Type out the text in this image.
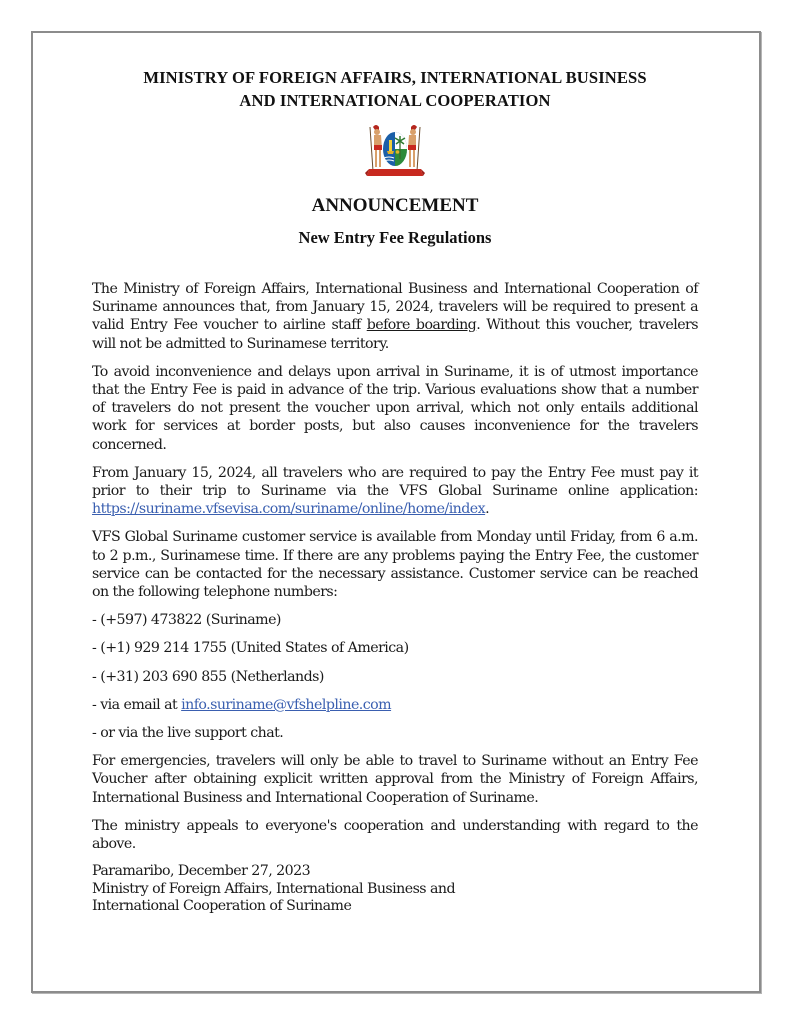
MINISTRY OF FOREIGN AFFAIRS, INTERNATIONAL BUSINESS
AND INTERNATIONAL COOPERATION

ANNOUNCEMENT

New Entry Fee Regulations

The Ministry of Foreign Affairs, International Business and International Cooperation of Suriname announces that, from January 15, 2024, travelers will be required to present a valid Entry Fee voucher to airline staff before boarding. Without this voucher, travelers will not be admitted to Surinamese territory.

To avoid inconvenience and delays upon arrival in Suriname, it is of utmost importance that the Entry Fee is paid in advance of the trip. Various evaluations show that a number of travelers do not present the voucher upon arrival, which not only entails additional work for services at border posts, but also causes inconvenience for the travelers concerned.

From January 15, 2024, all travelers who are required to pay the Entry Fee must pay it prior to their trip to Suriname via the VFS Global Suriname online application: https://suriname.vfsevisa.com/suriname/online/home/index.

VFS Global Suriname customer service is available from Monday until Friday, from 6 a.m. to 2 p.m., Surinamese time. If there are any problems paying the Entry Fee, the customer service can be contacted for the necessary assistance. Customer service can be reached on the following telephone numbers:

- (+597) 473822 (Suriname)

- (+1) 929 214 1755 (United States of America)

- (+31) 203 690 855 (Netherlands)

- via email at info.suriname@vfshelpline.com

- or via the live support chat.

For emergencies, travelers will only be able to travel to Suriname without an Entry Fee Voucher after obtaining explicit written approval from the Ministry of Foreign Affairs, International Business and International Cooperation of Suriname.

The ministry appeals to everyone's cooperation and understanding with regard to the above.

Paramaribo, December 27, 2023

Ministry of Foreign Affairs, International Business and

International Cooperation of Suriname
